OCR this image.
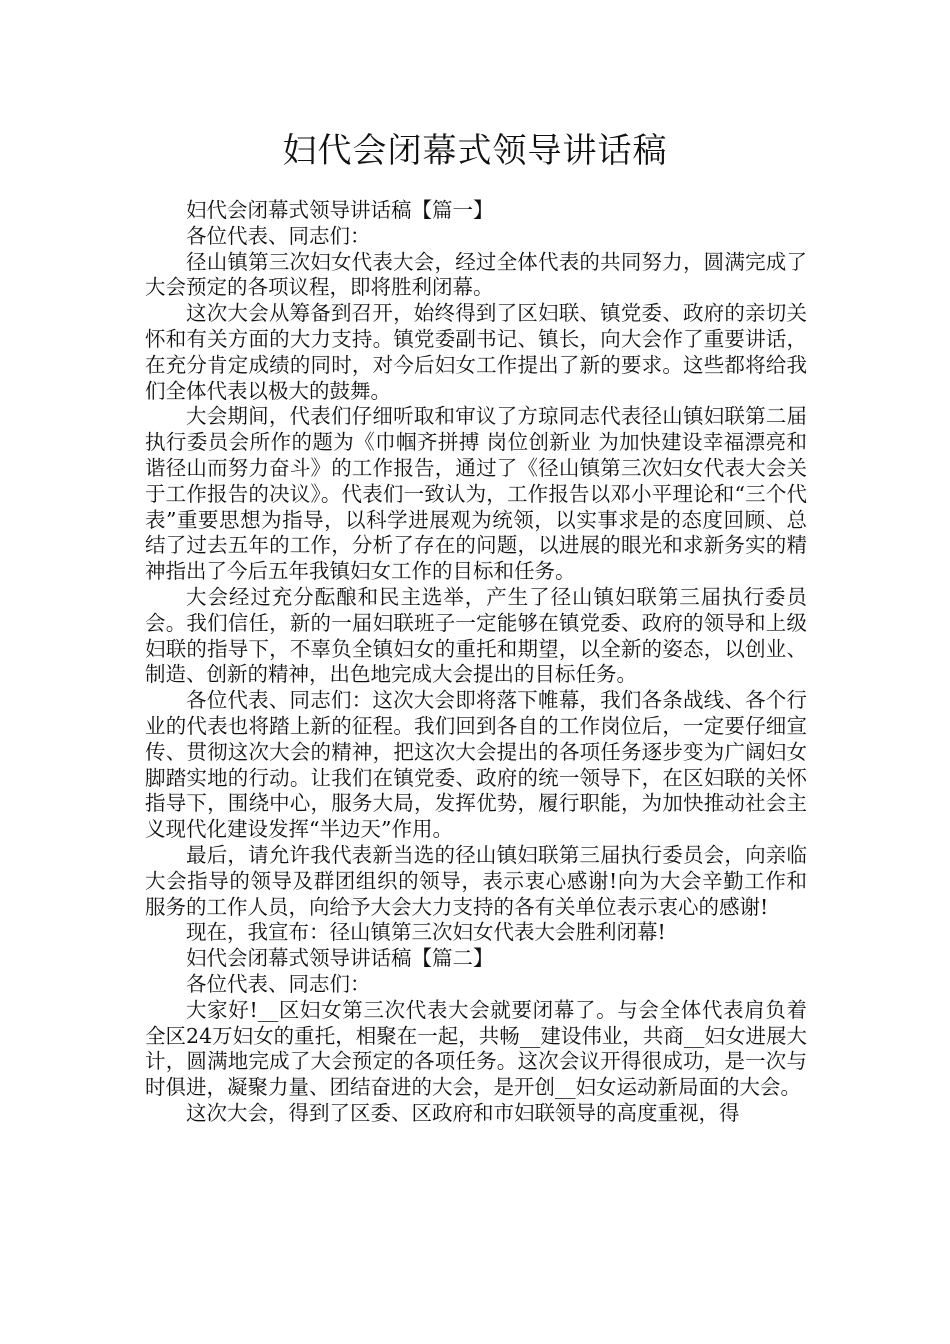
妇代会闭幕式领导讲话稿

妇代会闭幕式领导讲话稿【篇一】

各位代表、同志们：

径山镇第三次妇女代表大会，经过全体代表的共同努力，圆满完成了大会预定的各项议程，即将胜利闭幕。

这次大会从筹备到召开，始终得到了区妇联、镇党委、政府的亲切关怀和有关方面的大力支持。镇党委副书记、镇长，向大会作了重要讲话，在充分肯定成绩的同时，对今后妇女工作提出了新的要求。这些都将给我们全体代表以极大的鼓舞。

大会期间，代表们仔细听取和审议了方琼同志代表径山镇妇联第二届执行委员会所作的题为《巾帼齐拼搏 岗位创新业 为加快建设幸福漂亮和谐径山而努力奋斗》的工作报告，通过了《径山镇第三次妇女代表大会关于工作报告的决议》。代表们一致认为，工作报告以邓小平理论和“三个代表”重要思想为指导，以科学进展观为统领，以实事求是的态度回顾、总结了过去五年的工作，分析了存在的问题，以进展的眼光和求新务实的精神指出了今后五年我镇妇女工作的目标和任务。

大会经过充分酝酿和民主选举，产生了径山镇妇联第三届执行委员会。我们信任，新的一届妇联班子一定能够在镇党委、政府的领导和上级妇联的指导下，不辜负全镇妇女的重托和期望，以全新的姿态，以创业、制造、创新的精神，出色地完成大会提出的目标任务。

各位代表、同志们：这次大会即将落下帷幕，我们各条战线、各个行业的代表也将踏上新的征程。我们回到各自的工作岗位后，一定要仔细宣传、贯彻这次大会的精神，把这次大会提出的各项任务逐步变为广阔妇女脚踏实地的行动。让我们在镇党委、政府的统一领导下，在区妇联的关怀指导下，围绕中心，服务大局，发挥优势，履行职能，为加快推动社会主义现代化建设发挥“半边天”作用。

最后，请允许我代表新当选的径山镇妇联第三届执行委员会，向亲临大会指导的领导及群团组织的领导，表示衷心感谢!向为大会辛勤工作和服务的工作人员，向给予大会大力支持的各有关单位表示衷心的感谢!

现在，我宣布：径山镇第三次妇女代表大会胜利闭幕!

妇代会闭幕式领导讲话稿【篇二】

各位代表、同志们：

大家好!__区妇女第三次代表大会就要闭幕了。与会全体代表肩负着全区24万妇女的重托，相聚在一起，共畅__建设伟业，共商__妇女进展大计，圆满地完成了大会预定的各项任务。这次会议开得很成功，是一次与时俱进，凝聚力量、团结奋进的大会，是开创__妇女运动新局面的大会。

这次大会，得到了区委、区政府和市妇联领导的高度重视，得
